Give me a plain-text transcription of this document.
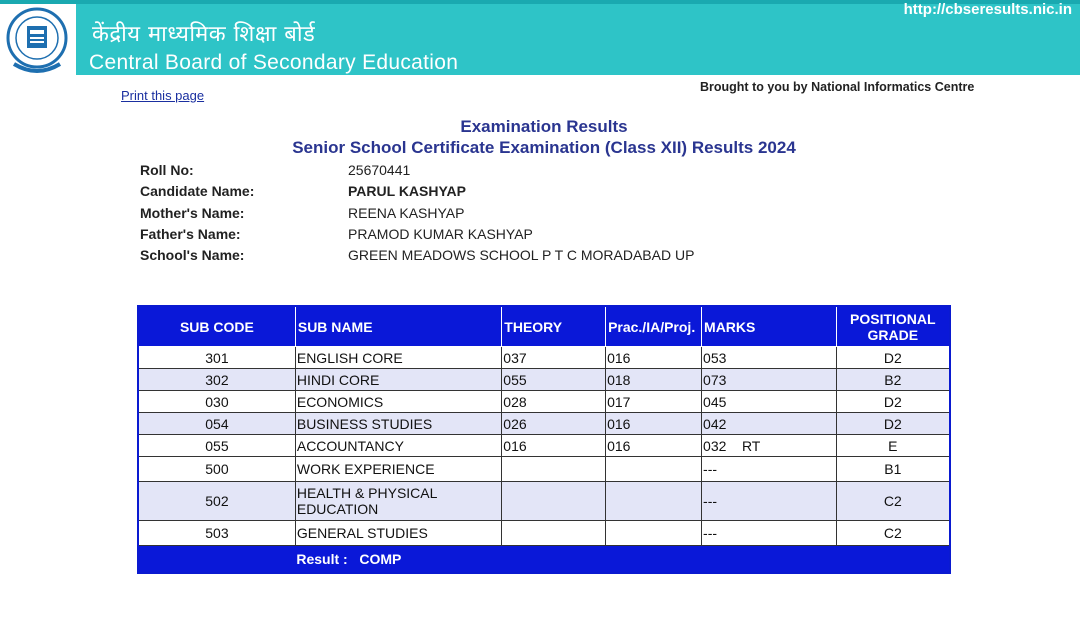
केंद्रीय माध्यमिक शिक्षा बोर्ड
Central Board of Secondary Education
http://cbseresults.nic.in
Print this page
Brought to you by National Informatics Centre
Examination Results
Senior School Certificate Examination (Class XII) Results 2024
Roll No:	25670441
Candidate Name:	PARUL KASHYAP
Mother's Name:	REENA KASHYAP
Father's Name:	PRAMOD KUMAR KASHYAP
School's Name:	GREEN MEADOWS SCHOOL P T C MORADABAD UP
SUB CODE	SUB NAME	THEORY	Prac./IA/Proj.	MARKS	POSITIONAL
GRADE
301	ENGLISH CORE	037	016	053	D2
302	HINDI CORE	055	018	073	B2
030	ECONOMICS	028	017	045	D2
054	BUSINESS STUDIES	026	016	042	D2
055	ACCOUNTANCY	016	016	032    RT	E
500	WORK EXPERIENCE			---	B1
502	HEALTH & PHYSICAL EDUCATION			---	C2
503	GENERAL STUDIES			---	C2
	Result : COMP				
